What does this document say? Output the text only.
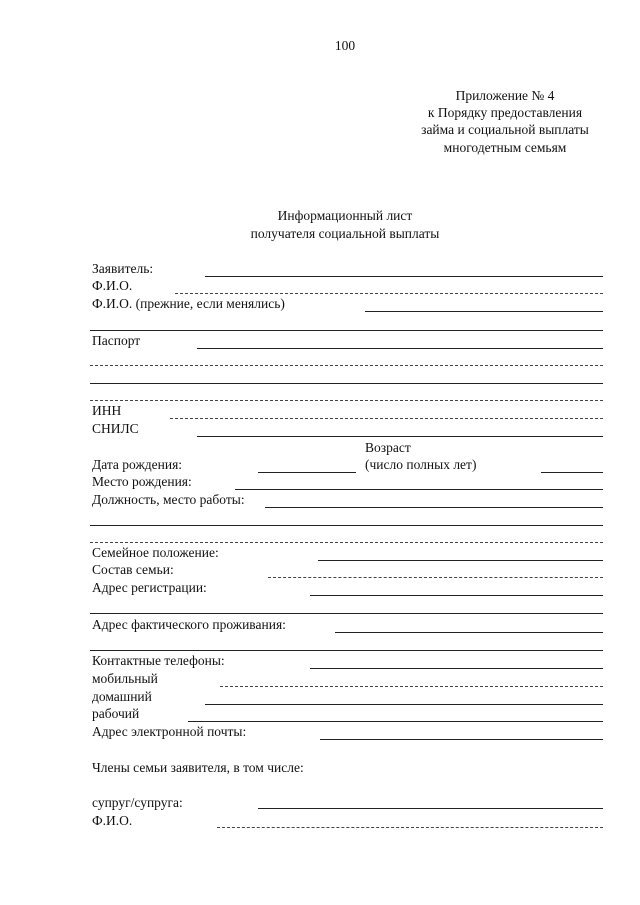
100
Приложение № 4
к Порядку предоставления
займа и социальной выплаты
многодетным семьям
Информационный лист
получателя социальной выплаты
Заявитель:
Ф.И.О.
Ф.И.О. (прежние, если менялись)
Паспорт
ИНН
СНИЛС
Возраст
Дата рождения:	(число полных лет)
Место рождения:
Должность, место работы:
Семейное положение:
Состав семьи:
Адрес регистрации:
Адрес фактического проживания:
Контактные телефоны:
мобильный
домашний
рабочий
Адрес электронной почты:
Члены семьи заявителя, в том числе:
супруг/супруга:
Ф.И.О.
